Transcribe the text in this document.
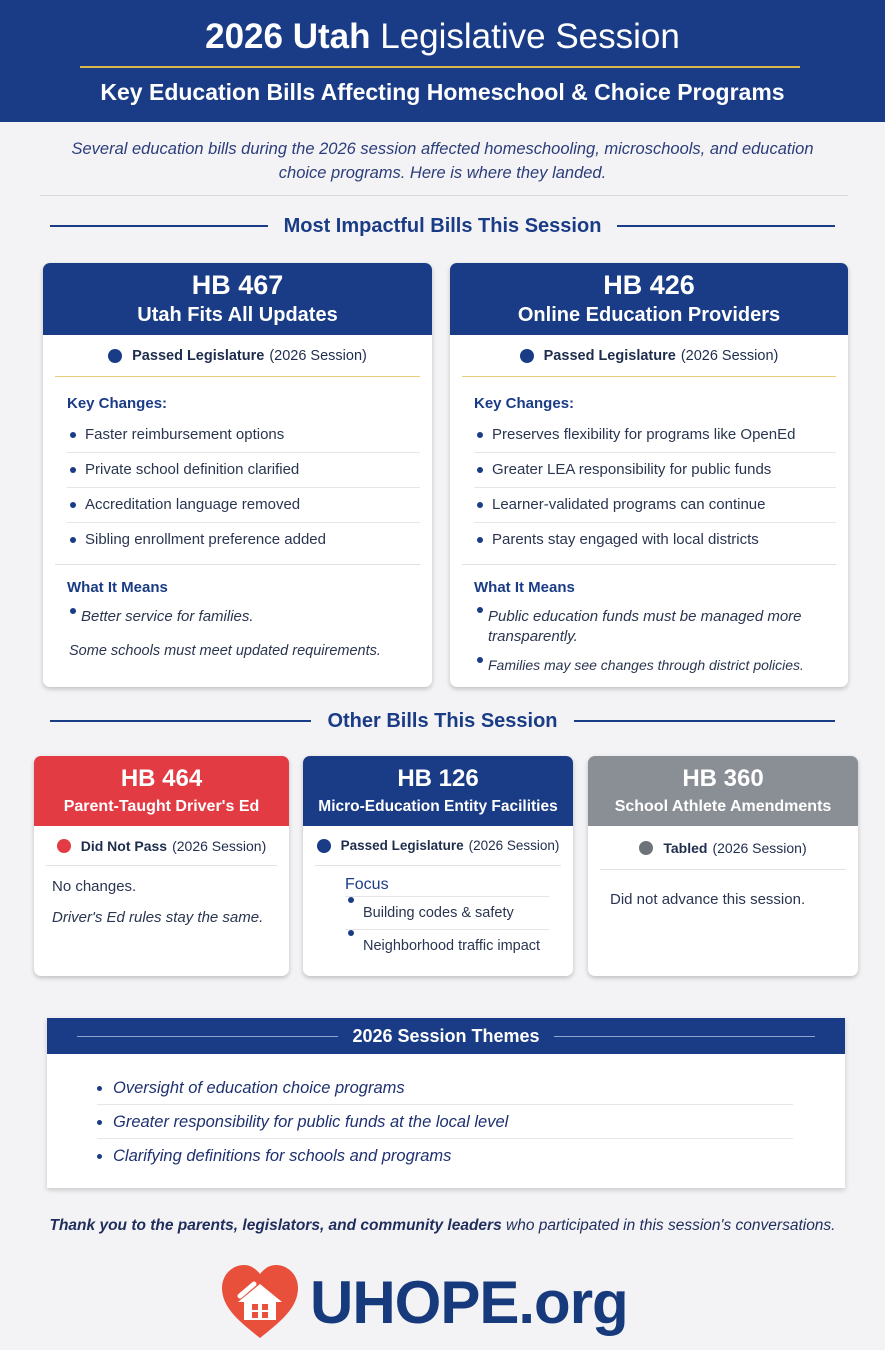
2026 Utah Legislative Session
Key Education Bills Affecting Homeschool & Choice Programs
Several education bills during the 2026 session affected homeschooling, microschools, and education choice programs. Here is where they landed.
Most Impactful Bills This Session
HB 467
Utah Fits All Updates
Passed Legislature (2026 Session)
Key Changes:
Faster reimbursement options
Private school definition clarified
Accreditation language removed
Sibling enrollment preference added
What It Means
Better service for families.
Some schools must meet updated requirements.
HB 426
Online Education Providers
Passed Legislature (2026 Session)
Key Changes:
Preserves flexibility for programs like OpenEd
Greater LEA responsibility for public funds
Learner-validated programs can continue
Parents stay engaged with local districts
What It Means
Public education funds must be managed more transparently.
Families may see changes through district policies.
Other Bills This Session
HB 464
Parent-Taught Driver's Ed
Did Not Pass (2026 Session)
No changes.
Driver's Ed rules stay the same.
HB 126
Micro-Education Entity Facilities
Passed Legislature (2026 Session)
Focus
Building codes & safety
Neighborhood traffic impact
HB 360
School Athlete Amendments
Tabled (2026 Session)
Did not advance this session.
2026 Session Themes
Oversight of education choice programs
Greater responsibility for public funds at the local level
Clarifying definitions for schools and programs
Thank you to the parents, legislators, and community leaders who participated in this session's conversations.
UHOPE.org
